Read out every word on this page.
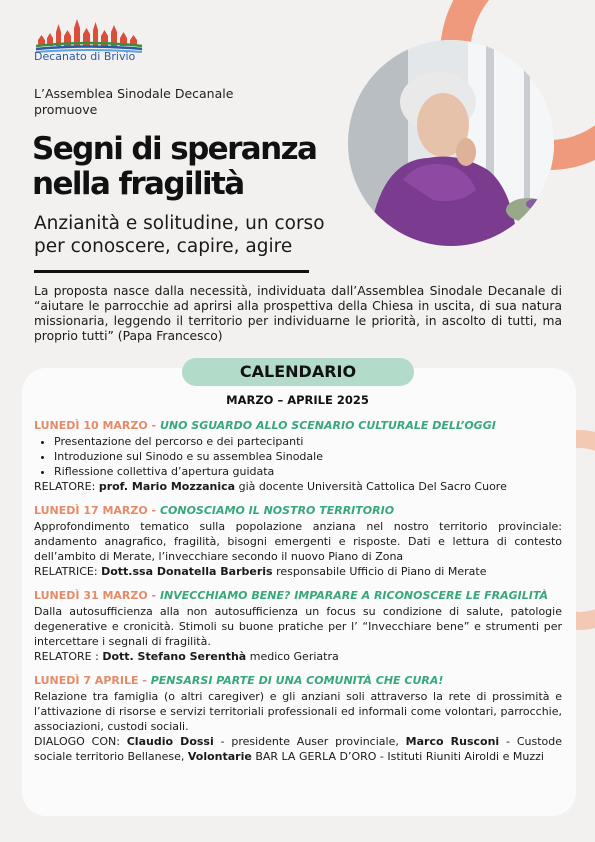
Decanato di Brivio
L’Assemblea Sinodale Decanale promuove
Segni di speranza
nella fragilità
Anzianità e solitudine, un corso per conoscere, capire, agire
La proposta nasce dalla necessità, individuata dall’Assemblea Sinodale Decanale di “aiutare le parrocchie ad aprirsi alla prospettiva della Chiesa in uscita, di sua natura missionaria, leggendo il territorio per individuarne le priorità, in ascolto di tutti, ma proprio tutti” (Papa Francesco)
CALENDARIO
MARZO – APRILE 2025
LUNEDÌ 10 MARZO - UNO SGUARDO ALLO SCENARIO CULTURALE DELL’OGGI
• Presentazione del percorso e dei partecipanti
• Introduzione sul Sinodo e su assemblea Sinodale
• Riflessione collettiva d’apertura guidata
RELATORE: prof. Mario Mozzanica già docente Università Cattolica Del Sacro Cuore
LUNEDÌ 17 MARZO - CONOSCIAMO IL NOSTRO TERRITORIO
Approfondimento tematico sulla popolazione anziana nel nostro territorio provinciale: andamento anagrafico, fragilità, bisogni emergenti e risposte. Dati e lettura di contesto dell’ambito di Merate, l’invecchiare secondo il nuovo Piano di Zona
RELATRICE: Dott.ssa Donatella Barberis responsabile Ufficio di Piano di Merate
LUNEDÌ 31 MARZO - INVECCHIAMO BENE? IMPARARE A RICONOSCERE LE FRAGILITÀ
Dalla autosufficienza alla non autosufficienza un focus su condizione di salute, patologie degenerative e cronicità. Stimoli su buone pratiche per l’ “Invecchiare bene” e strumenti per intercettare i segnali di fragilità.
RELATORE : Dott. Stefano Serenthà medico Geriatra
LUNEDÌ 7 APRILE - PENSARSI PARTE DI UNA COMUNITÀ CHE CURA!
Relazione tra famiglia (o altri caregiver) e gli anziani soli attraverso la rete di prossimità e l’attivazione di risorse e servizi territoriali professionali ed informali come volontari, parrocchie, associazioni, custodi sociali.
DIALOGO CON: Claudio Dossi - presidente Auser provinciale, Marco Rusconi - Custode sociale territorio Bellanese, Volontarie BAR LA GERLA D’ORO - Istituti Riuniti Airoldi e Muzzi
